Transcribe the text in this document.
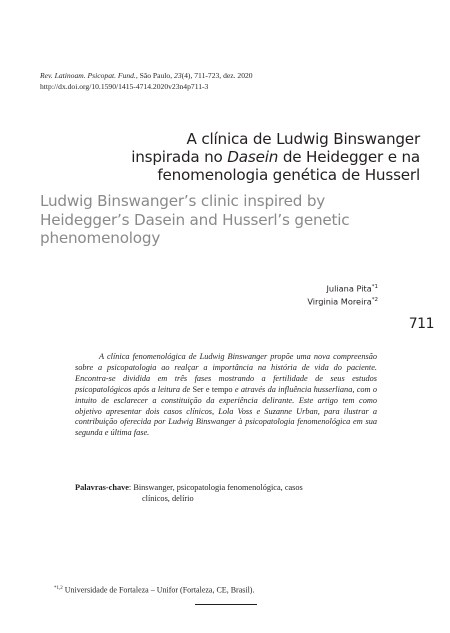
Rev. Latinoam. Psicopat. Fund., São Paulo, 23(4), 711-723, dez. 2020
http://dx.doi.org/10.1590/1415-4714.2020v23n4p711-3
A clínica de Ludwig Binswanger
inspirada no Dasein de Heidegger e na
fenomenologia genética de Husserl
Ludwig Binswanger’s clinic inspired by
Heidegger’s Dasein and Husserl’s genetic
phenomenology
Juliana Pita$^{*1}$
Virginia Moreira$^{*2}$
711
A clínica fenomenológica de Ludwig Binswanger propõe uma nova compreensão sobre a psicopatologia ao realçar a importância na história de vida do paciente. Encontra-se dividida em três fases mostrando a fertilidade de seus estudos psicopatológicos após a leitura de Ser e tempo e através da influência husserliana, com o intuito de esclarecer a constituição da experiência delirante. Este artigo tem como objetivo apresentar dois casos clínicos, Lola Voss e Suzanne Urban, para ilustrar a contribuição oferecida por Ludwig Binswanger à psicopatologia fenomenológica em sua segunda e última fase.
Palavras-chave: Binswanger, psicopatologia fenomenológica, casos
clínicos, delírio
$^{*1,2}$ Universidade de Fortaleza – Unifor (Fortaleza, CE, Brasil).
